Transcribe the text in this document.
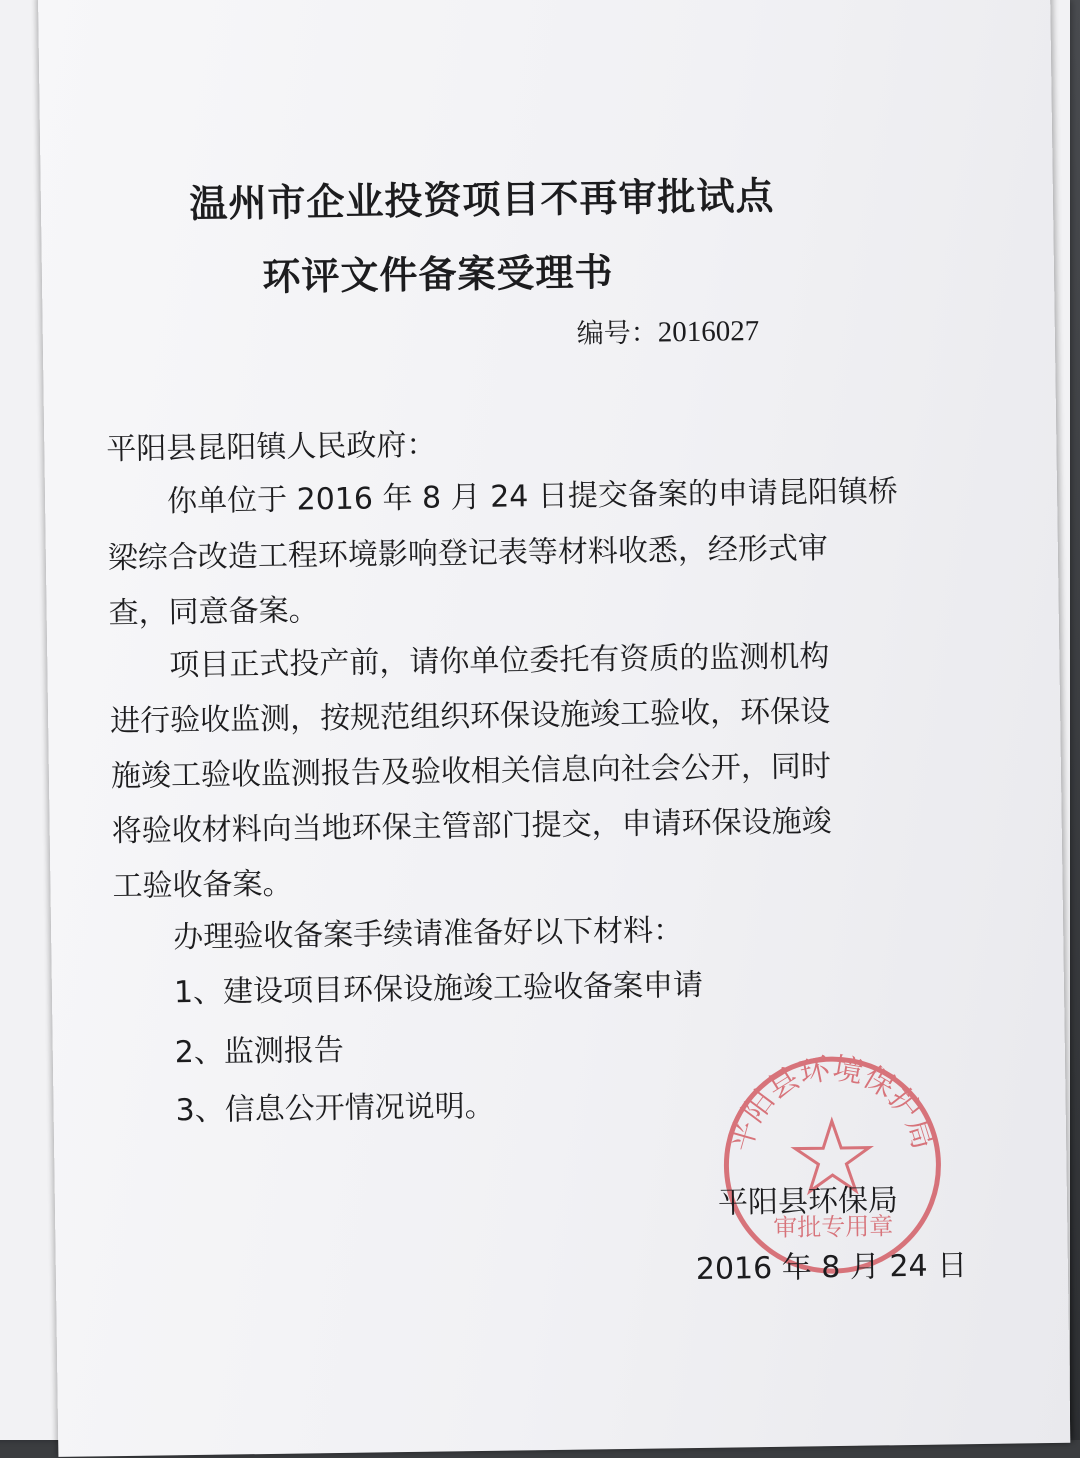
温州市企业投资项目不再审批试点
环评文件备案受理书
编号：2016027
平阳县昆阳镇人民政府：
你单位于 2016 年 8 月 24 日提交备案的申请昆阳镇桥
梁综合改造工程环境影响登记表等材料收悉，经形式审
查，同意备案。
项目正式投产前，请你单位委托有资质的监测机构
进行验收监测，按规范组织环保设施竣工验收，环保设
施竣工验收监测报告及验收相关信息向社会公开，同时
将验收材料向当地环保主管部门提交，申请环保设施竣
工验收备案。
办理验收备案手续请准备好以下材料：
1、建设项目环保设施竣工验收备案申请
2、监测报告
3、信息公开情况说明。
平阳县环境保护局
审批专用章
平阳县环保局
2016 年 8 月 24 日
